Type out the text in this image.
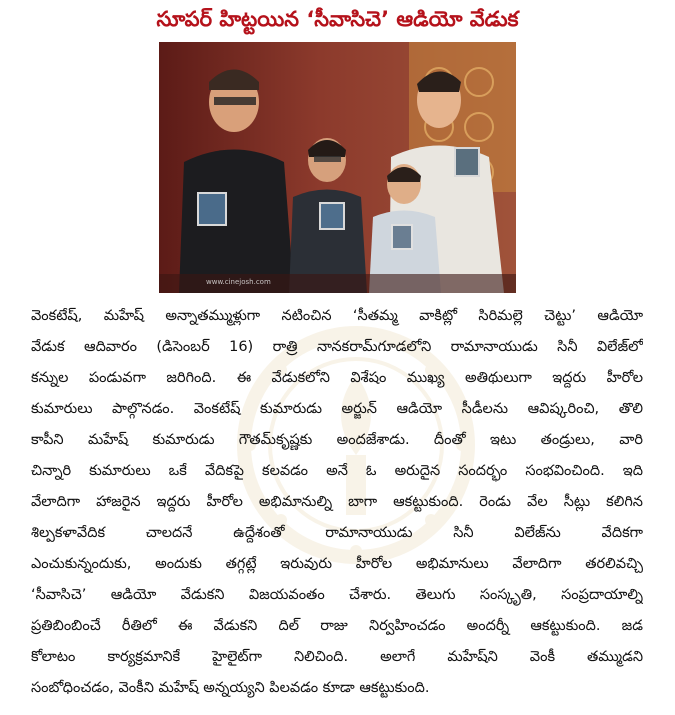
సూపర్ హిట్టయిన ‘సీవాసిచె’ ఆడియో వేడుక
www.cinejosh.com
వెంకటేష్, మహేష్ అన్నాతమ్ముళ్లుగా నటించిన ‘సీతమ్మ వాకిట్లో సిరిమల్లె చెట్టు’ ఆడియో
వేడుక ఆదివారం (డిసెంబర్ 16) రాత్రి నానకరామ్‌గూడలోని రామానాయుడు సినీ విలేజ్‌లో
కన్నుల పండువగా జరిగింది. ఈ వేడుకలోని విశేషం ముఖ్య అతిథులుగా ఇద్దరు హీరోల
కుమారులు పాల్గొనడం. వెంకటేష్ కుమారుడు అర్జున్ ఆడియో సీడీలను ఆవిష్కరించి, తొలి
కాపీని మహేష్ కుమారుడు గౌతమ్‌కృష్ణకు అందజేశాడు. దీంతో ఇటు తండ్రులు, వారి
చిన్నారి కుమారులు ఒకే వేదికపై కలవడం అనే ఓ అరుదైన సందర్భం సంభవించింది. ఇది
వేలాదిగా హాజరైన ఇద్దరు హీరోల అభిమానుల్ని బాగా ఆకట్టుకుంది. రెండు వేల సీట్లు కలిగిన
శిల్పకళావేదిక చాలదనే ఉద్దేశంతో రామానాయుడు సినీ విలేజ్‌ను వేదికగా
ఎంచుకున్నందుకు, అందుకు తగ్గట్లే ఇరువురు హీరోల అభిమానులు వేలాదిగా తరలివచ్చి
‘సీవాసిచె’ ఆడియో వేడుకని విజయవంతం చేశారు. తెలుగు సంస్కృతి, సంప్రదాయాల్ని
ప్రతిబింబించే రీతిలో ఈ వేడుకని దిల్ రాజు నిర్వహించడం అందర్నీ ఆకట్టుకుంది. జడ
కోలాటం కార్యక్రమానికే హైలైట్‌గా నిలిచింది. అలాగే మహేష్‌ని వెంకీ తమ్ముడని
సంబోధించడం, వెంకీని మహేష్ అన్నయ్యని పిలవడం కూడా ఆకట్టుకుంది.
